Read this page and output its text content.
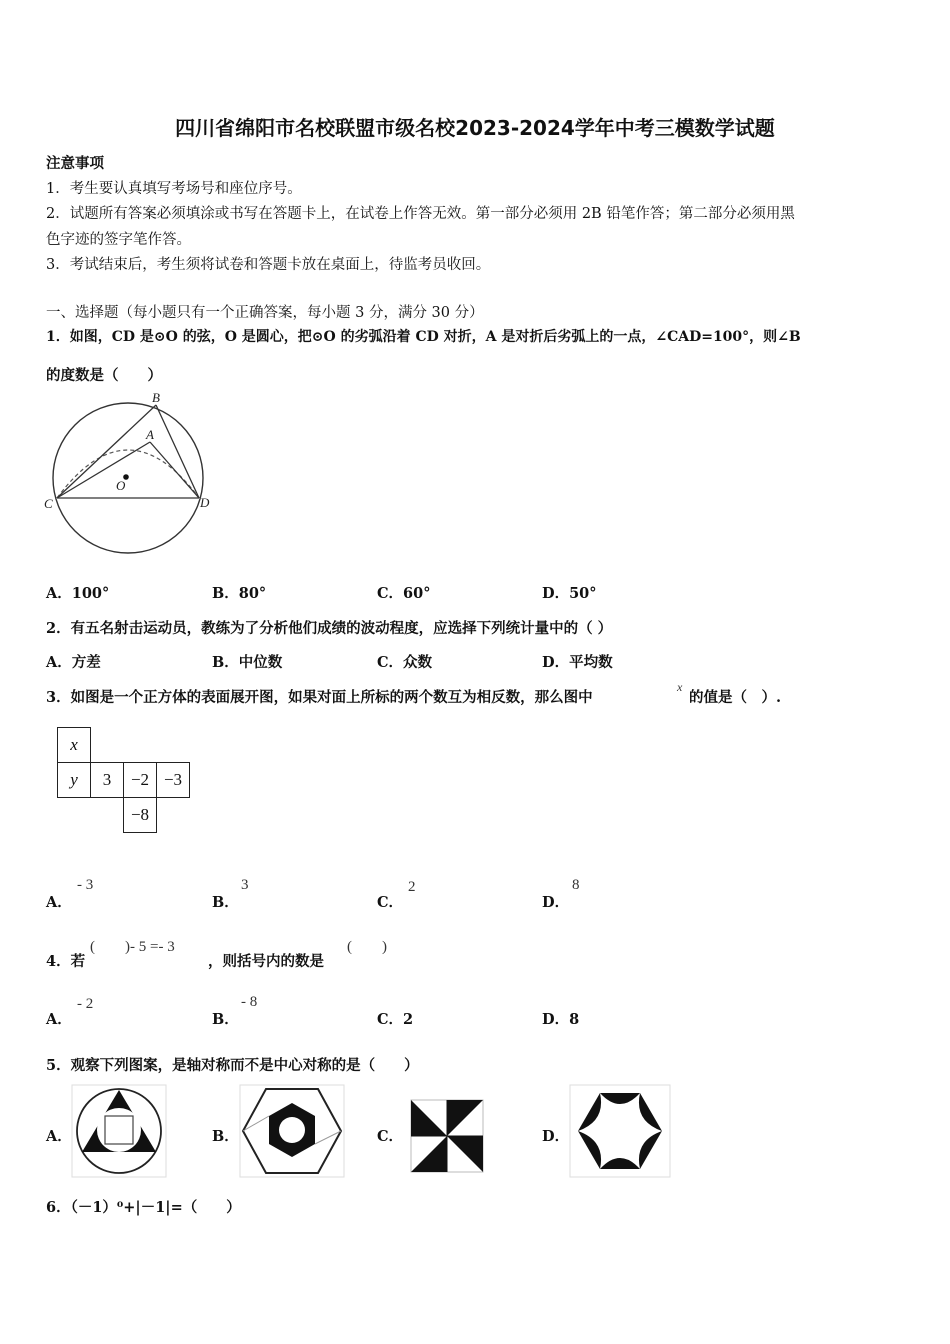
四川省绵阳市名校联盟市级名校2023-2024学年中考三模数学试题
注意事项
1．考生要认真填写考场号和座位序号。
2．试题所有答案必须填涂或书写在答题卡上，在试卷上作答无效。第一部分必须用 2B 铅笔作答；第二部分必须用黑
色字迹的签字笔作答。
3．考试结束后，考生须将试卷和答题卡放在桌面上，待监考员收回。
一、选择题（每小题只有一个正确答案，每小题 3 分，满分 30 分）
1．如图，CD 是⊙O 的弦，O 是圆心，把⊙O 的劣弧沿着 CD 对折，A 是对折后劣弧上的一点，∠CAD=100°，则∠B
的度数是（　　）
B
A
O
C	D
A．100°	B．80°	C．60°	D．50°
2．有五名射击运动员，教练为了分析他们成绩的波动程度，应选择下列统计量中的（ ）
A．方差	B．中位数	C．众数	D．平均数
3．如图是一个正方体的表面展开图，如果对面上所标的两个数互为相反数，那么图中
x
的值是（　）.
x			
y	3	−2	−3
		−8	
A．
- 3
B．
3
C．
2
D．
8
4．若
(　　)- 5 =- 3
，则括号内的数是
(　　)
A．
- 2
B．
- 8
C．2	D．8
5．观察下列图案，是轴对称而不是中心对称的是（　　）
A．	B．	C．	D．
6．（－1）⁰+|－1|=（　　）
